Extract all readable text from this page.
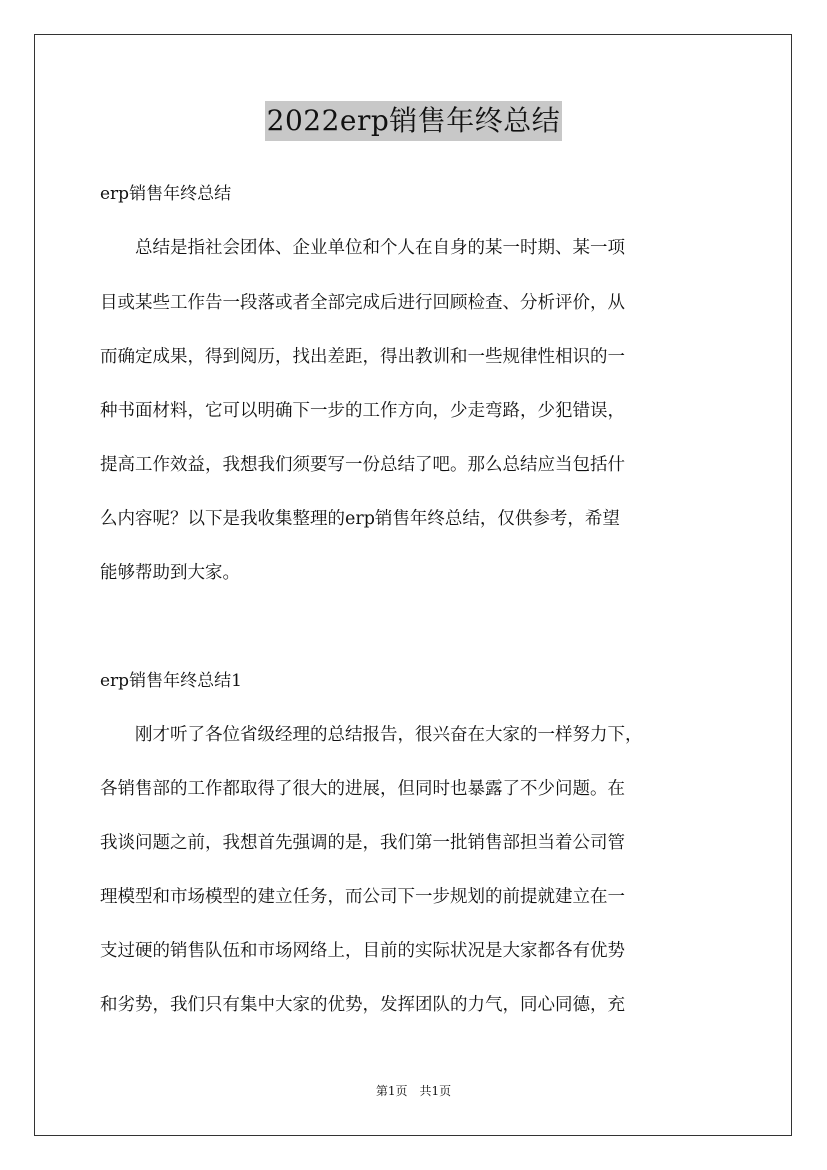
2022erp销售年终总结
erp销售年终总结
　　总结是指社会团体、企业单位和个人在自身的某一时期、某一项
目或某些工作告一段落或者全部完成后进行回顾检查、分析评价，从
而确定成果，得到阅历，找出差距，得出教训和一些规律性相识的一
种书面材料，它可以明确下一步的工作方向，少走弯路，少犯错误，
提高工作效益，我想我们须要写一份总结了吧。那么总结应当包括什
么内容呢？以下是我收集整理的erp销售年终总结，仅供参考，希望
能够帮助到大家。
erp销售年终总结1
　　刚才听了各位省级经理的总结报告，很兴奋在大家的一样努力下，
各销售部的工作都取得了很大的进展，但同时也暴露了不少问题。在
我谈问题之前，我想首先强调的是，我们第一批销售部担当着公司管
理模型和市场模型的建立任务，而公司下一步规划的前提就建立在一
支过硬的销售队伍和市场网络上，目前的实际状况是大家都各有优势
和劣势，我们只有集中大家的优势，发挥团队的力气，同心同德，充
第1页　共1页
